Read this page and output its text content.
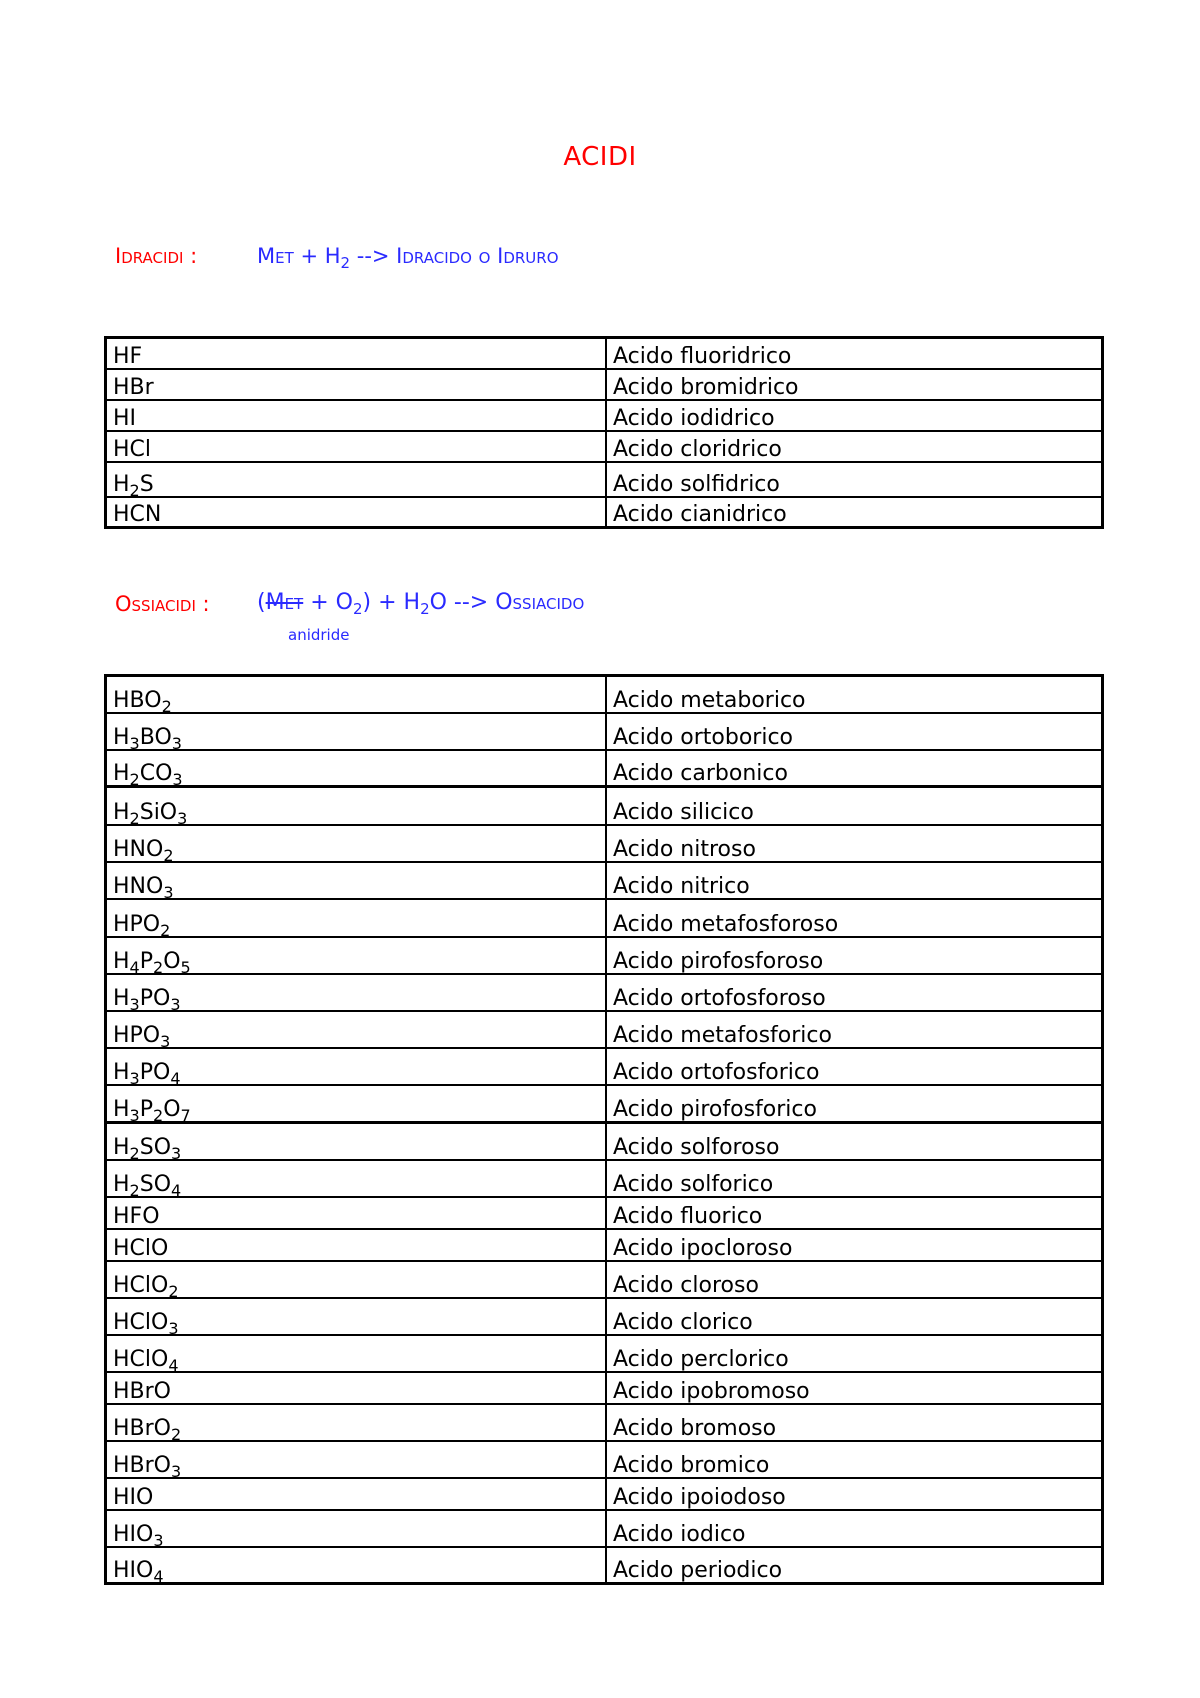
ACIDI
Idracidi :	Met + $H_2$ --> Idracido o Idruro
HF	Acido fluoridrico
HBr	Acido bromidrico
HI	Acido iodidrico
HCl	Acido cloridrico
$H_2S$	Acido solfidrico
HCN	Acido cianidrico
Ossiacidi : $(Met + O_2) + H_2O$ --> Ossiacido
anidride
$HBO_2$	Acido metaborico
$H_3BO_3$	Acido ortoborico
$H_2CO_3$	Acido carbonico
$H_2SiO_3$	Acido silicico
$HNO_2$	Acido nitroso
$HNO_3$	Acido nitrico
$HPO_2$	Acido metafosforoso
$H_4P_2O_5$	Acido pirofosforoso
$H_3PO_3$	Acido ortofosforoso
$HPO_3$	Acido metafosforico
$H_3PO_4$	Acido ortofosforico
$H_3P_2O_7$	Acido pirofosforico
$H_2SO_3$	Acido solforoso
$H_2SO_4$	Acido solforico
HFO	Acido fluorico
HClO	Acido ipocloroso
HClO$_2$	Acido cloroso
HClO$_3$	Acido clorico
HClO$_4$	Acido perclorico
HBrO	Acido ipobromoso
HBrO$_2$	Acido bromoso
HBrO$_3$	Acido bromico
HIO	Acido ipoiodoso
$HIO_3$	Acido iodico
$HIO_4$	Acido periodico
